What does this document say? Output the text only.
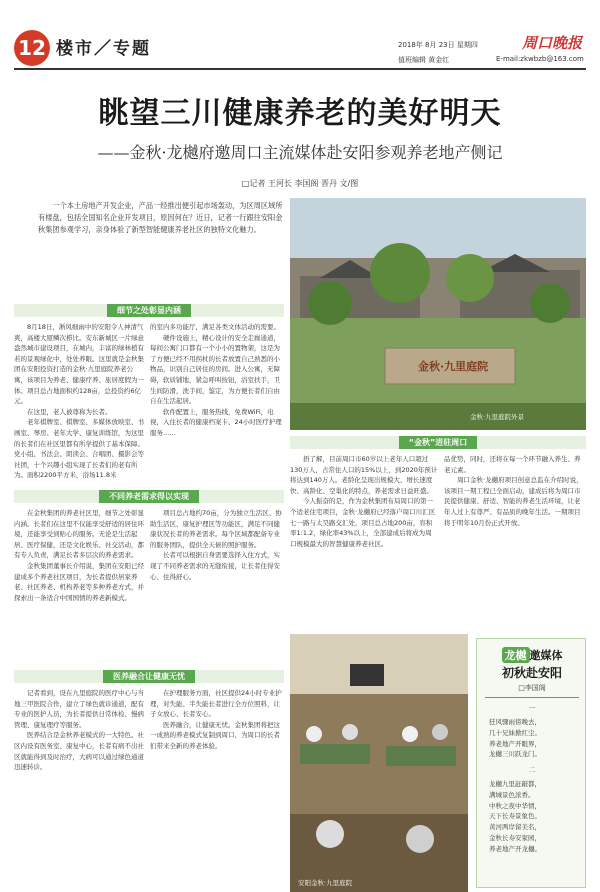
12 楼市／专题	2018年 8月 23日 星期四
值班编辑 黄金红
周口晚报
E-mail:zkwbzb@163.com
眺望三川健康养老的美好明天
——金秋·龙樾府邀周口主流媒体赴安阳参观养老地产侧记
□记者 王河长 李国阁 晋丹 文/图
一个本土房地产开发企业，产品一经推出便引起市场轰动，为区周区域所有楼盘，包括全国知名企业开发项目，原因何在？近日，记者一行跟往安阳金秋集团参观学习，亲身体验了新型智能健康养老社区的独特文化魅力。
金秋·九里庭院
金秋·九里庭院外景
细节之处彰显内涵

8月18日，淅风细雨中的安阳令人神清气爽，高楼大厦鳞次栉比。安东新城区一片绿意盎然城市建设项目，在城内，丰富的绿林植有若的景观绿化中，处处养眼。这里就是金秋集团在安阳投资打造的金秋·九里庭院养老公寓，该项目为养老、健康疗养、旅居度假为一体。项目总占地面积约128亩，总投资约6亿元。

在这里，老人被尊称为长者。

老年棋牌室、棋牌室、多媒体放映室、书画室、琴房、老年大学、康复训练馆，为这里的长者们在社区里都有所学提供了基本保障。党小组、书法会、朗读会、合唱团、摄影会等社团，十个兴趣小组实现了长者们的老有所为。面积2200平方米，浴场11.8米

的室内多功能厅，满足各类文体活动的需要。

硬件设施上，精心设计的安全走廊通道，每间公寓门口都有一个小小的置物架，这是为了方便已经不用拐杖的长者放置自己熟悉的小物品，识别自己居住的房间。进入公寓，无障碍，软质铺地，紧急呼叫按钮，浴室扶手，卫生间防滑，洗手间，鉴定，为方便长者们自由自在生活起居。

软件配置上，服务热线，免费WiFi，电视，入住长者的健康档案卡、24小时医疗护理服务……

“金秋”进驻周口

捂了解，目前周口市60岁以上老年人口超过130万人，占常住人口的15%以上，到2020年预计将达到140万人。老龄化呈现出规模大、增长速度快、高龄化、空巢化的特点，养老需求日益旺盛。

今人振奋的是，作为金秋集团布局周口的第一个适老住宅项目，金秋·龙樾府已经落户周口川汇区七一路与太昊路交汇处，项目总占地200亩，容积率1:1.2，绿化率43%以上，全部建成后将成为周口规模最大的智慧健康养老社区。

品优势，同时，还将在每一个环节融入养生、养老元素。

周口金秋·龙樾府项目创意总监在介绍时说，该项目一期工程已全面启动，建成后将为周口市民提供健康、舒适、智能的养老生活环境，让老年人过上有尊严、有品质的晚年生活。一期项目将于明年10月份正式开放。

不同养老需求得以实现

在金秋集团的养老社区里，细节之处彰显内涵。长者们在这里不仅能享受舒适的居住环境，还能享受到贴心的服务。无论是生活起居、医疗保健，还是文化娱乐、社交活动，都有专人负责，满足长者多层次的养老需求。

金秋集团董事长介绍说，集团在安阳已经建成多个养老社区项目，为长者提供居家养老、社区养老、机构养老等多种养老方式，并探索出一条适合中国国情的养老新模式。

项目总占地约70亩，分为独立生活区、协助生活区、康复护理区等功能区，满足不同健康状况长者的养老需求。每个区域都配备专业的服务团队，提供全天候的照护服务。

长者可以根据自身需要选择入住方式，实现了不同养老需求的无缝衔接，让长者住得安心、住得舒心。

医养融合让健康无忧

记者看到，设在九里庭院的医疗中心与当地三甲医院合作，建立了绿色就诊通道，配有专业的医护人员，为长者提供日常体检、慢病管理、康复理疗等服务。

医养结合是金秋养老模式的一大特色。社区内设有医务室、康复中心，长者有病不出社区就能得到及时治疗，大病可以通过绿色通道迅速转诊。

在护理服务方面，社区提供24小时专业护理，对失能、半失能长者进行全方位照料，让子女放心、长者安心。

医养融合，让健康无忧。金秋集团将把这一成熟的养老模式复制到周口，为周口的长者们带来全新的养老体验。

安阳金秋·九里庭院
龙樾 邀媒体
初秋赴安阳
□李国阁
一
狂风骤雨傍晚去，
几十兄妹掀红尘。
养老地产开眼界，
龙樾三川跃龙门。
二
龙樾九里赶敲都，
满城景色浓香。
中秋之夜中华情，
天下长寿景象色。
黄河两岸留美名，
金秋长寿安家园，
养老地产开龙樾。
